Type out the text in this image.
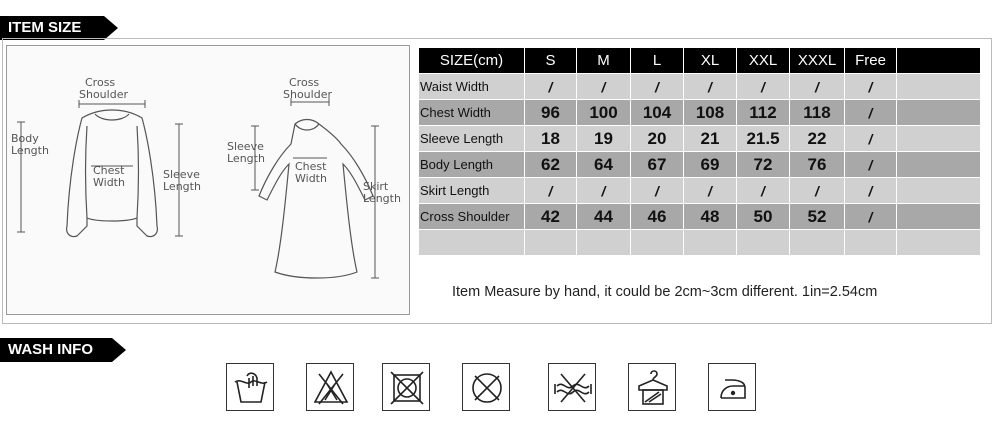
ITEM SIZE
Cross
Shoulder
Body
Length
Chest
Width
Sleeve
Length
Cross
Shoulder
Sleeve
Length
Chest
Width
Skirt
Length
SIZE(cm)	S	M	L	XL	XXL	XXXL	Free	
Waist Width	/	/	/	/	/	/	/	
Chest Width	96	100	104	108	112	118	/	
Sleeve Length	18	19	20	21	21.5	22	/	
Body Length	62	64	67	69	72	76	/	
Skirt Length	/	/	/	/	/	/	/	
Cross Shoulder	42	44	46	48	50	52	/	

Item Measure by hand, it could be 2cm~3cm different. 1in=2.54cm
WASH INFO
